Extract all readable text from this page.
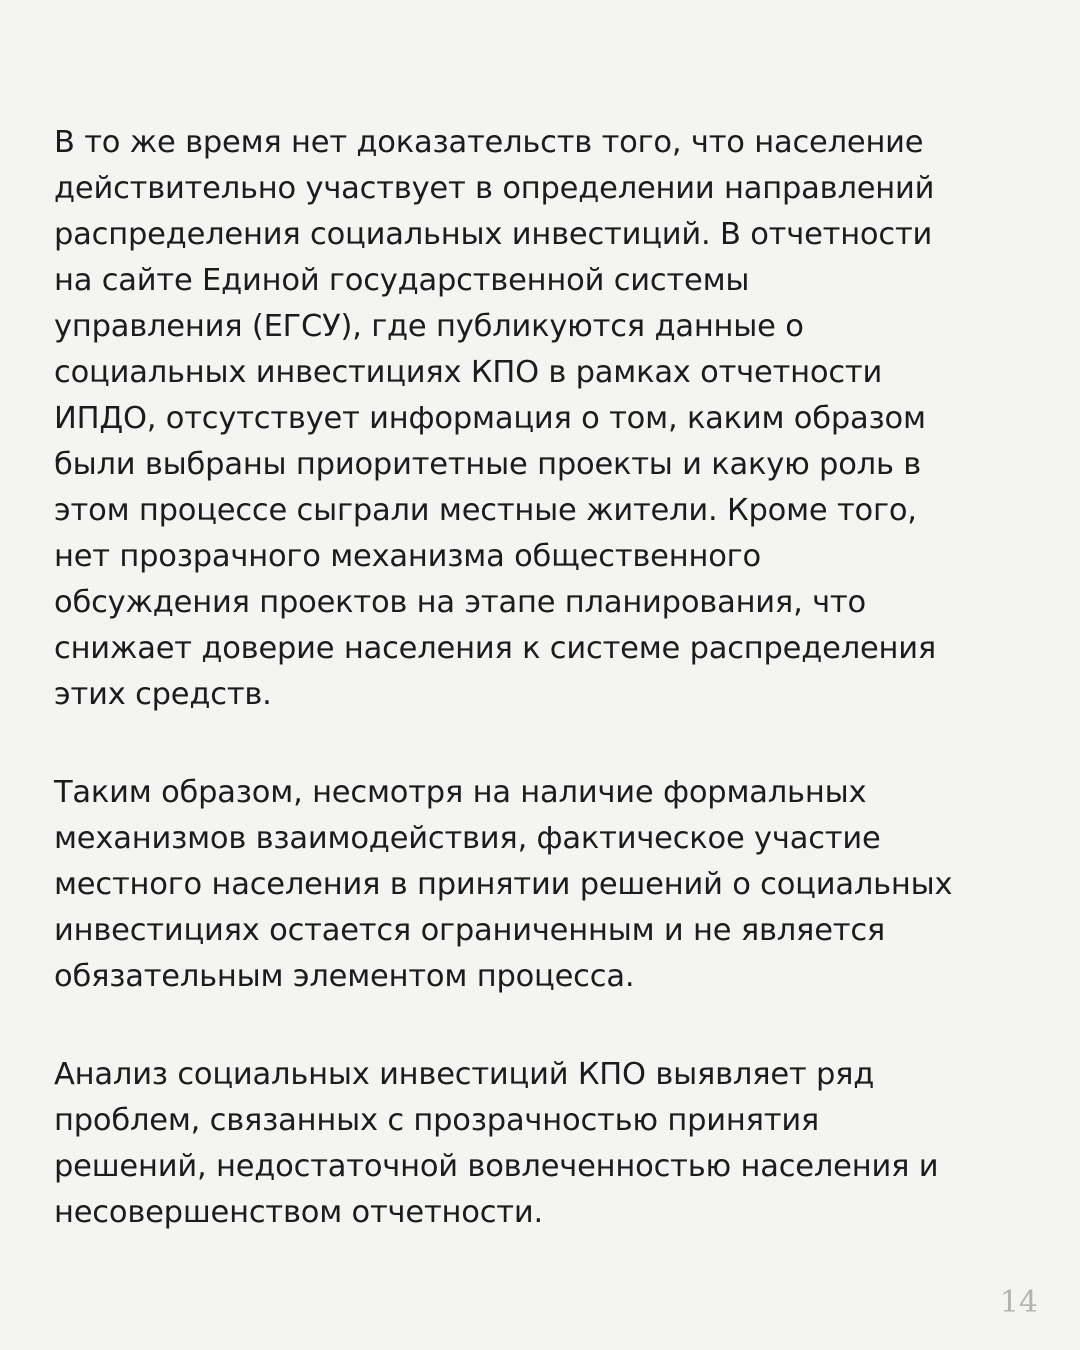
В то же время нет доказательств того, что население
действительно участвует в определении направлений
распределения социальных инвестиций. В отчетности
на сайте Единой государственной системы
управления (ЕГСУ), где публикуются данные о
социальных инвестициях КПО в рамках отчетности
ИПДО, отсутствует информация о том, каким образом
были выбраны приоритетные проекты и какую роль в
этом процессе сыграли местные жители. Кроме того,
нет прозрачного механизма общественного
обсуждения проектов на этапе планирования, что
снижает доверие населения к системе распределения
этих средств.

Таким образом, несмотря на наличие формальных
механизмов взаимодействия, фактическое участие
местного населения в принятии решений о социальных
инвестициях остается ограниченным и не является
обязательным элементом процесса.

Анализ социальных инвестиций КПО выявляет ряд
проблем, связанных с прозрачностью принятия
решений, недостаточной вовлеченностью населения и
несовершенством отчетности.

14
